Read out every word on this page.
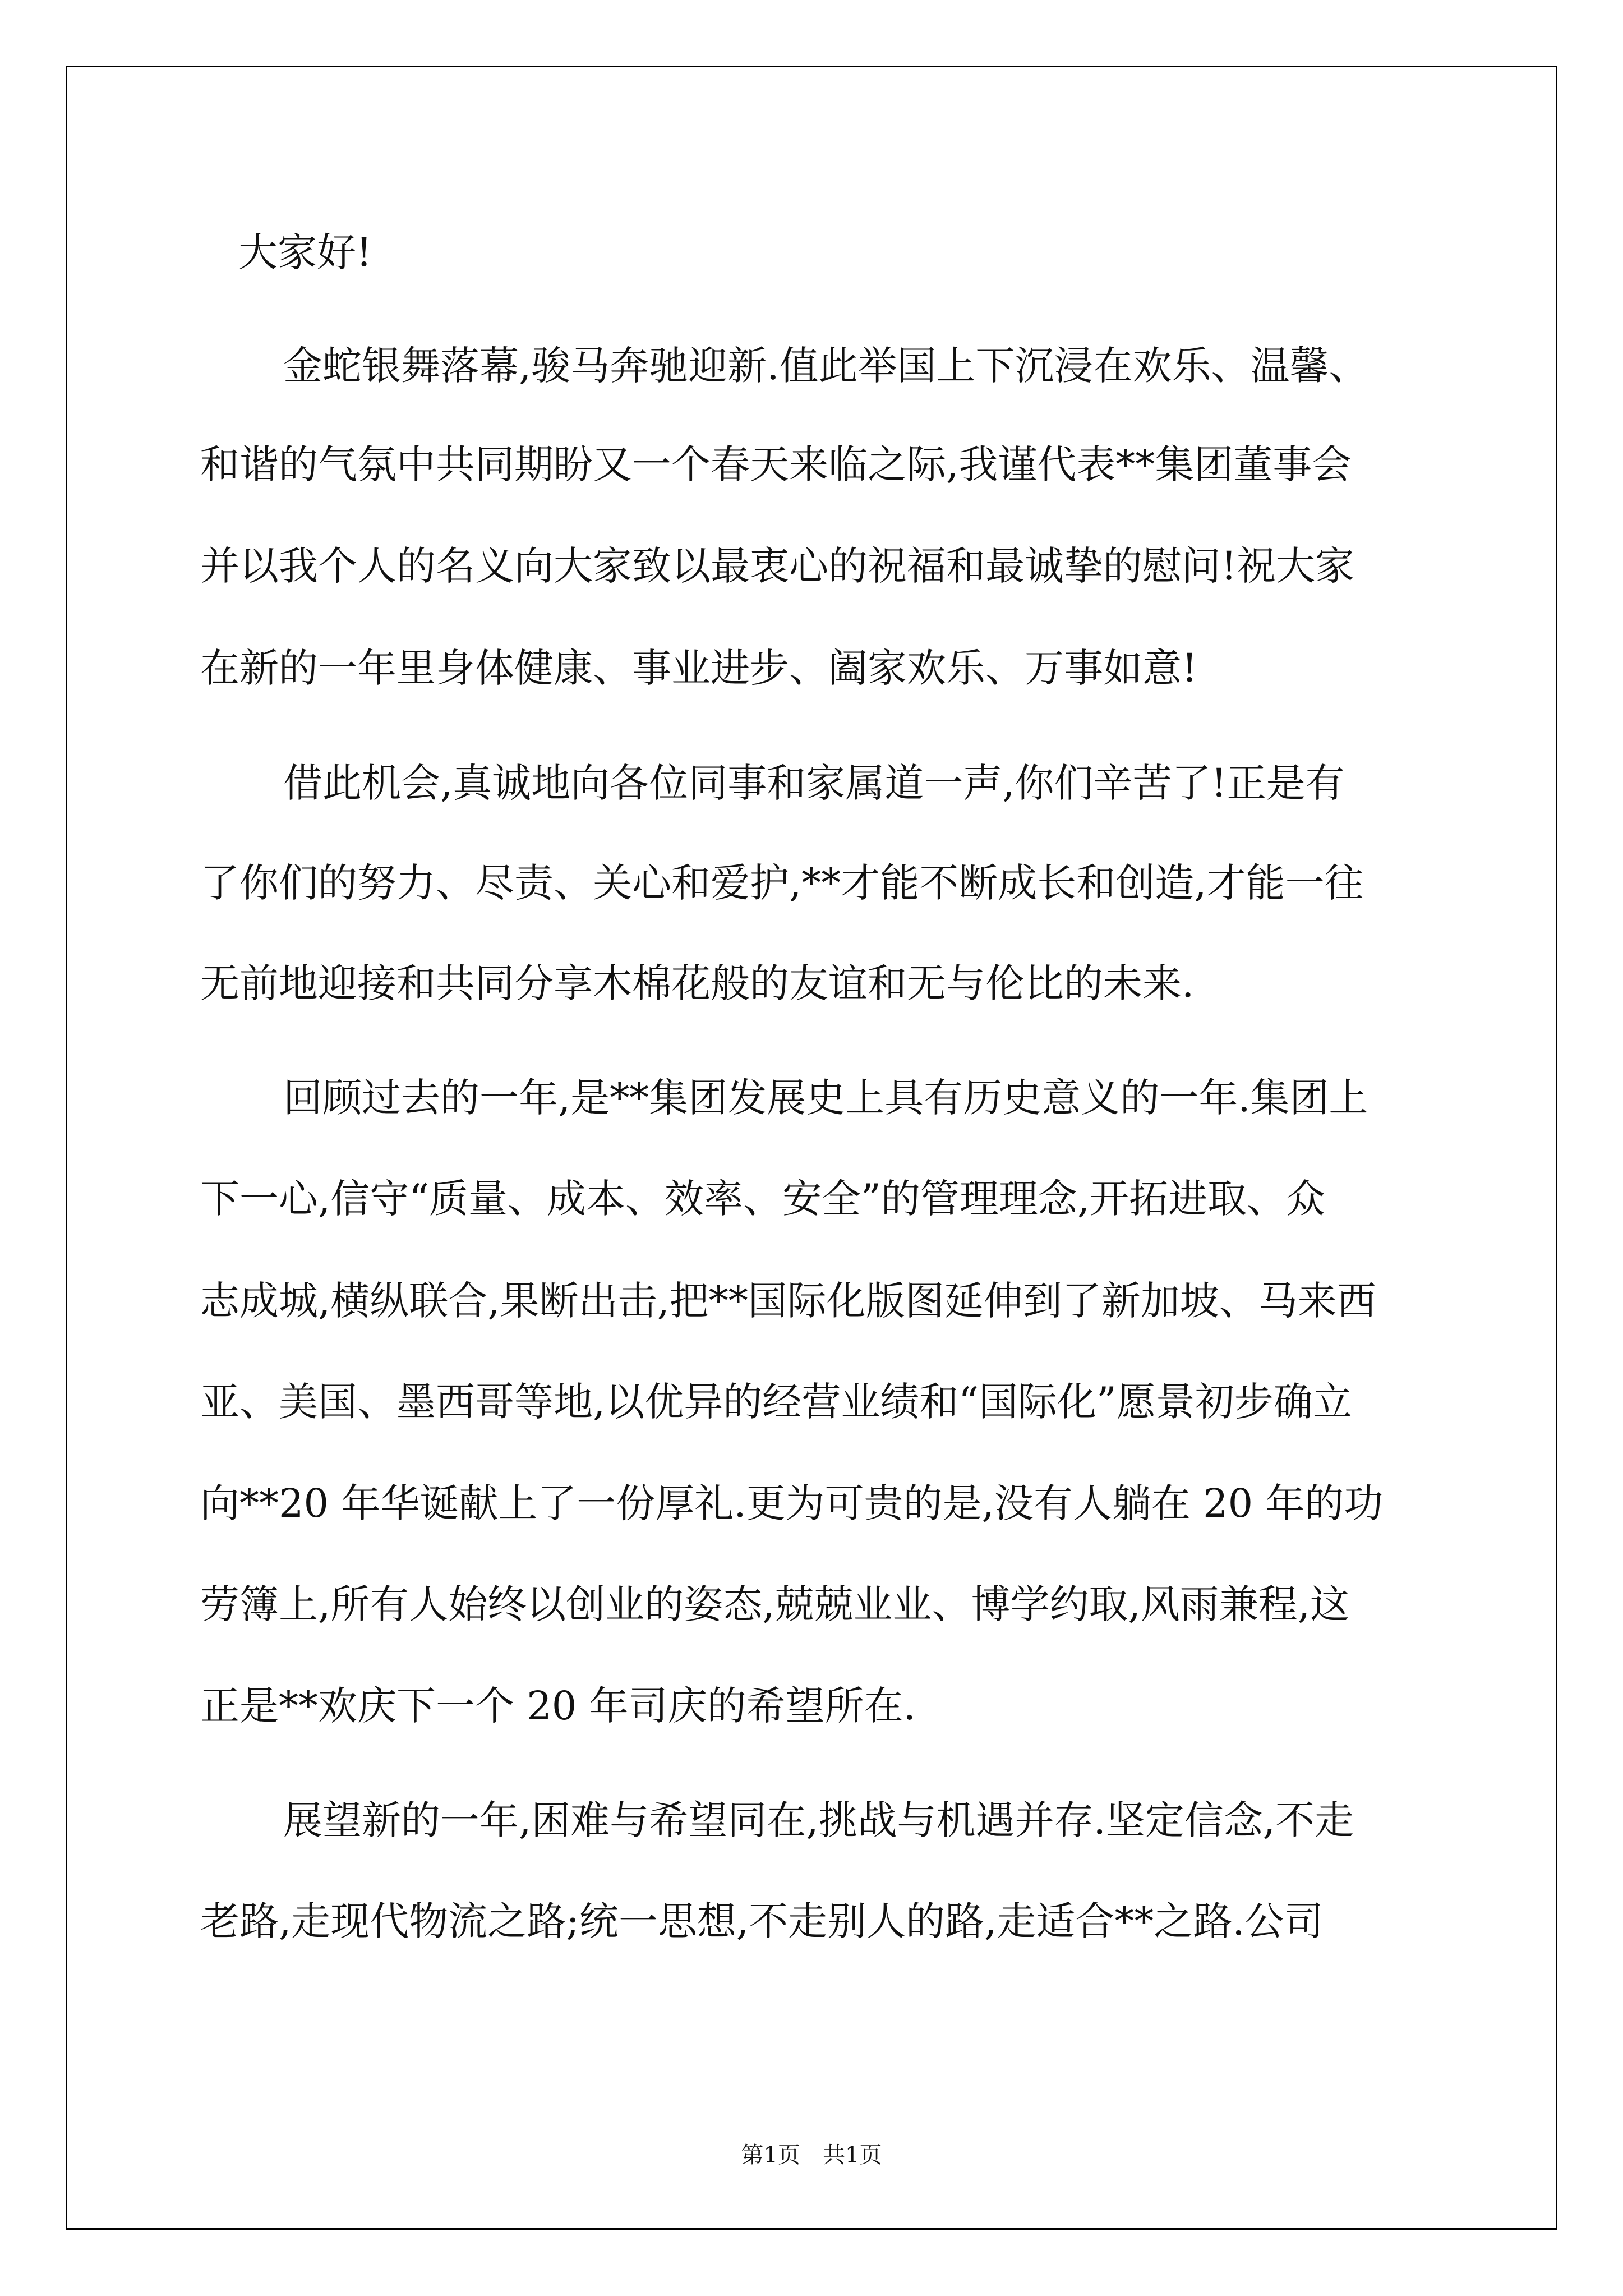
大家好!
金蛇银舞落幕,骏马奔驰迎新.值此举国上下沉浸在欢乐、温馨、
和谐的气氛中共同期盼又一个春天来临之际,我谨代表**集团董事会
并以我个人的名义向大家致以最衷心的祝福和最诚挚的慰问!祝大家
在新的一年里身体健康、事业进步、阖家欢乐、万事如意!
借此机会,真诚地向各位同事和家属道一声,你们辛苦了!正是有
了你们的努力、尽责、关心和爱护,**才能不断成长和创造,才能一往
无前地迎接和共同分享木棉花般的友谊和无与伦比的未来.
回顾过去的一年,是**集团发展史上具有历史意义的一年.集团上
下一心,信守“质量、成本、效率、安全”的管理理念,开拓进取、众
志成城,横纵联合,果断出击,把**国际化版图延伸到了新加坡、马来西
亚、美国、墨西哥等地,以优异的经营业绩和“国际化”愿景初步确立
向**20 年华诞献上了一份厚礼.更为可贵的是,没有人躺在 20 年的功
劳簿上,所有人始终以创业的姿态,兢兢业业、博学约取,风雨兼程,这
正是**欢庆下一个 20 年司庆的希望所在.
展望新的一年,困难与希望同在,挑战与机遇并存.坚定信念,不走
老路,走现代物流之路;统一思想,不走别人的路,走适合**之路.公司
第1页　共1页
